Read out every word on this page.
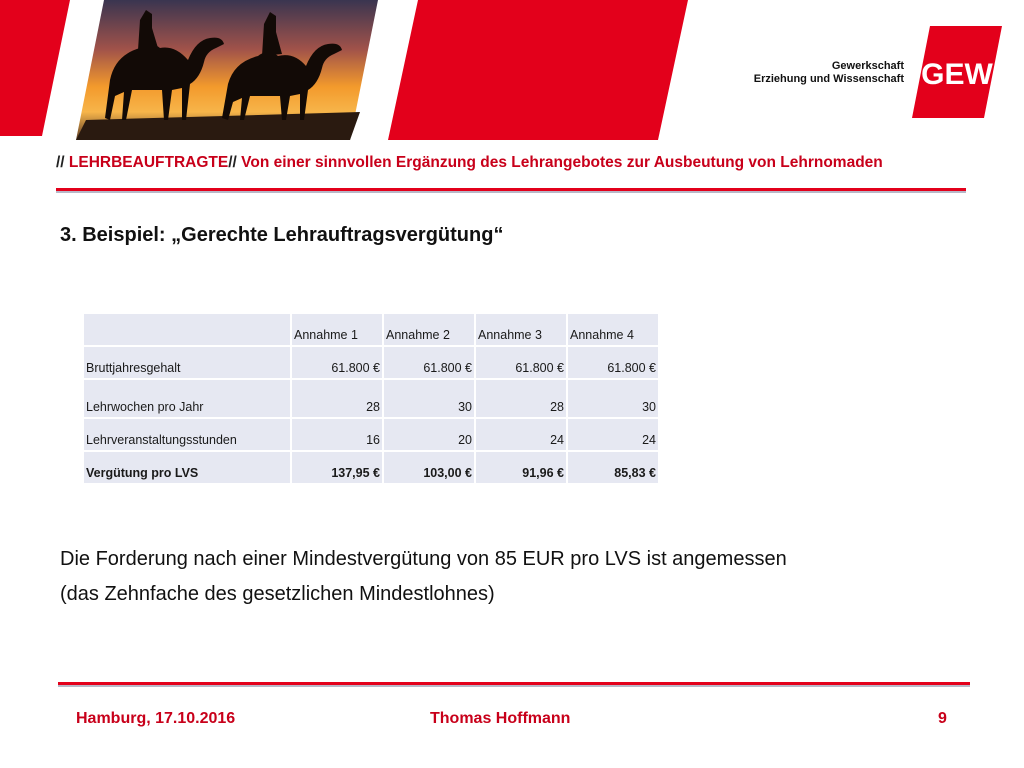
Gewerkschaft
Erziehung und Wissenschaft GEW
// LEHRBEAUFTRAGTE// Von einer sinnvollen Ergänzung des Lehrangebotes zur Ausbeutung von Lehrnomaden
3. Beispiel: „Gerechte Lehrauftragsvergütung“
	Annahme 1	Annahme 2	Annahme 3	Annahme 4
Bruttjahresgehalt	61.800 €	61.800 €	61.800 €	61.800 €
Lehrwochen pro Jahr	28	30	28	30
Lehrveranstaltungsstunden	16	20	24	24
Vergütung pro LVS	137,95 €	103,00 €	91,96 €	85,83 €
Die Forderung nach einer Mindestvergütung von 85 EUR pro LVS ist angemessen
(das Zehnfache des gesetzlichen Mindestlohnes)
Hamburg, 17.10.2016	Thomas Hoffmann	9
